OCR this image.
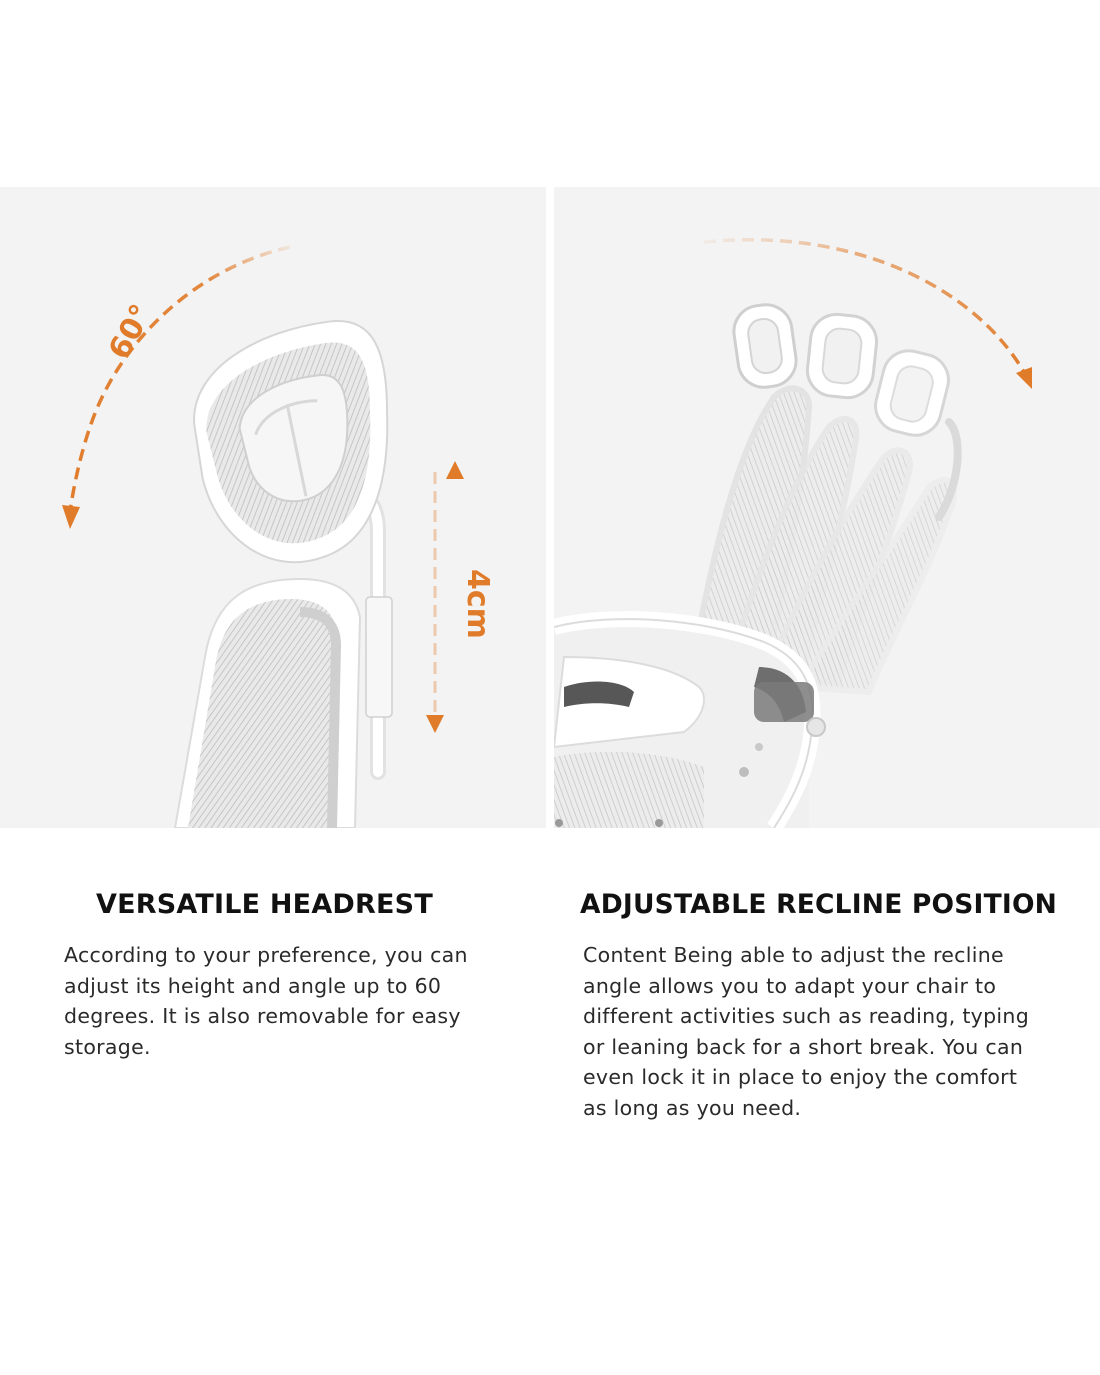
60°
4cm
VERSATILE HEADREST

According to your preference, you can
adjust its height and angle up to 60
degrees. It is also removable for easy
storage.

ADJUSTABLE RECLINE POSITION

Content Being able to adjust the recline
angle allows you to adapt your chair to
different activities such as reading, typing
or leaning back for a short break. You can
even lock it in place to enjoy the comfort
as long as you need.
